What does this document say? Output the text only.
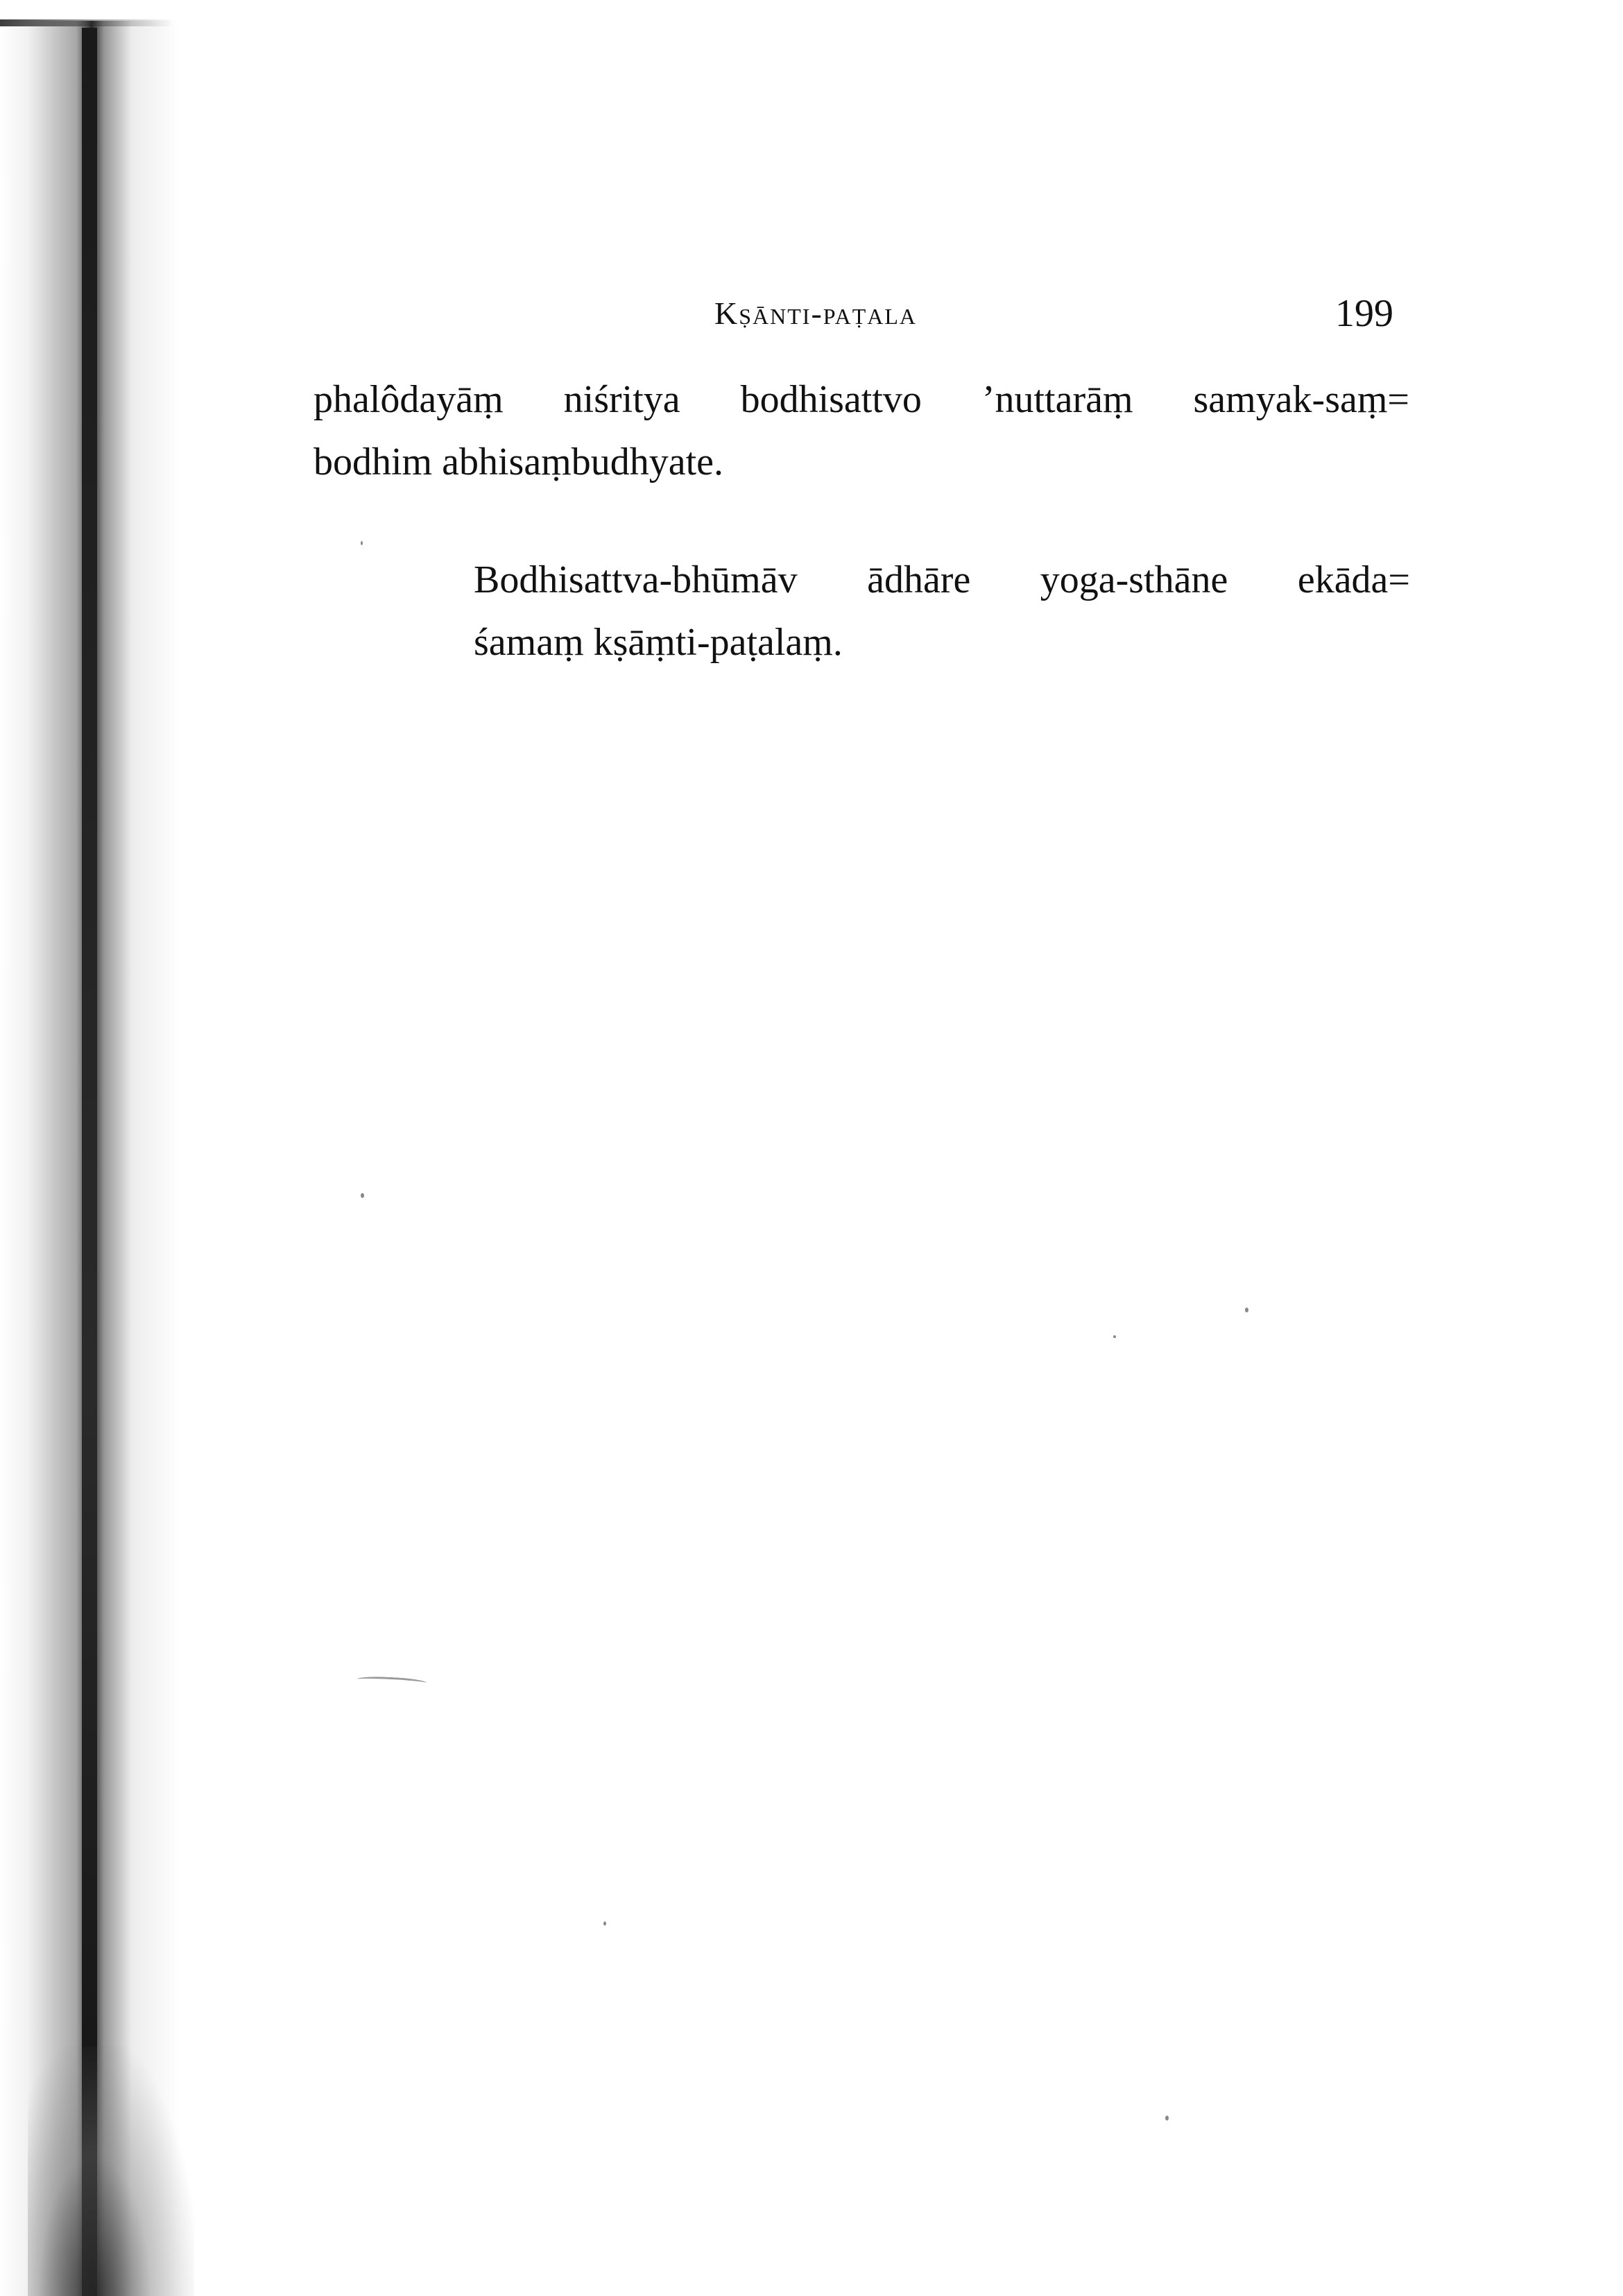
Kṣānti-paṭala	199
phalôdayāṃ niśritya bodhisattvo ’nuttarāṃ samyak-saṃ=
bodhim abhisaṃbudhyate.
Bodhisattva-bhūmāv ādhāre yoga-sthāne ekāda=
śamaṃ kṣāṃti-paṭalaṃ.
